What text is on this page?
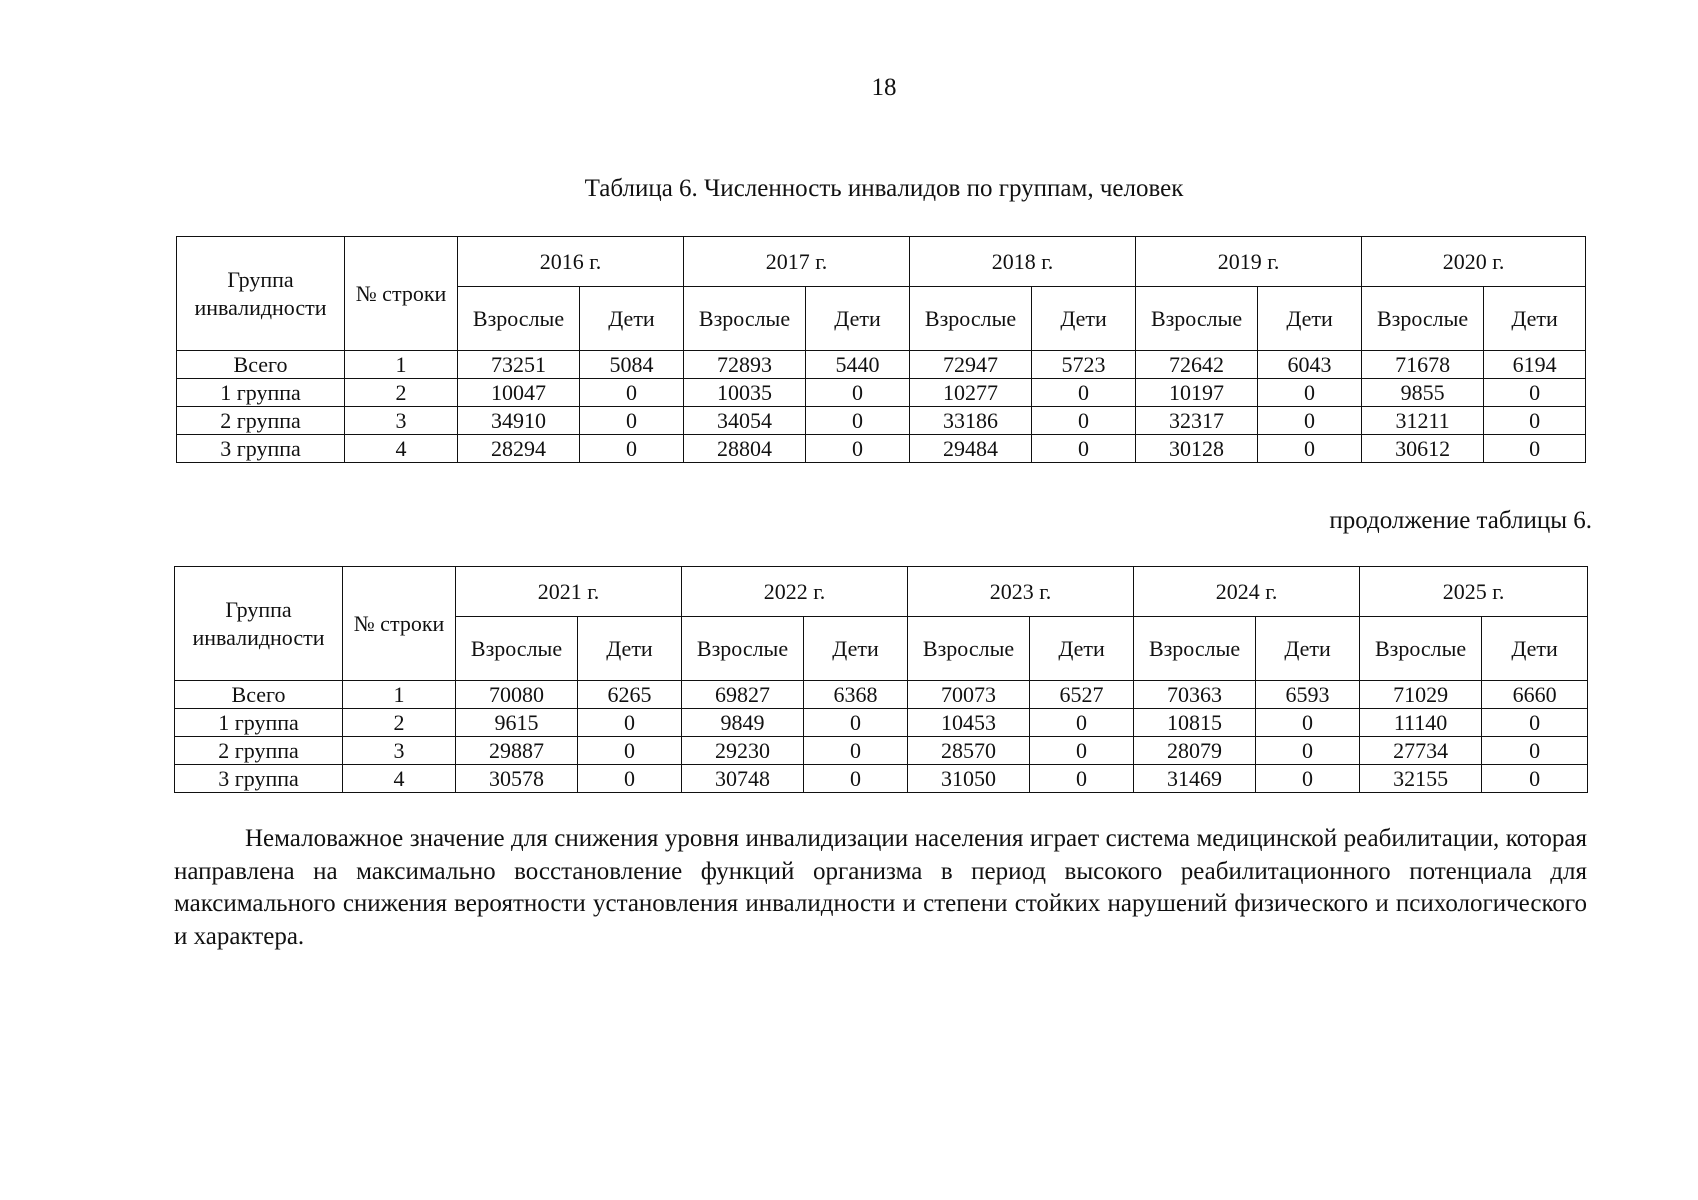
18
Таблица 6. Численность инвалидов по группам, человек
Группа инвалидности	№ строки	2016 г.		2017 г.		2018 г.		2019 г.		2020 г.	
		Взрослые	Дети	Взрослые	Дети	Взрослые	Дети	Взрослые	Дети	Взрослые	Дети
Всего	1	73251	5084	72893	5440	72947	5723	72642	6043	71678	6194
1 группа	2	10047	0	10035	0	10277	0	10197	0	9855	0
2 группа	3	34910	0	34054	0	33186	0	32317	0	31211	0
3 группа	4	28294	0	28804	0	29484	0	30128	0	30612	0
продолжение таблицы 6.
Группа инвалидности	№ строки	2021 г.		2022 г.		2023 г.		2024 г.		2025 г.	
		Взрослые	Дети	Взрослые	Дети	Взрослые	Дети	Взрослые	Дети	Взрослые	Дети
Всего	1	70080	6265	69827	6368	70073	6527	70363	6593	71029	6660
1 группа	2	9615	0	9849	0	10453	0	10815	0	11140	0
2 группа	3	29887	0	29230	0	28570	0	28079	0	27734	0
3 группа	4	30578	0	30748	0	31050	0	31469	0	32155	0

Немаловажное значение для снижения уровня инвалидизации населения играет система медицинской реабилитации, которая направлена на максимально восстановление функций организма в период высокого реабилитационного потенциала для максимального снижения вероятности установления инвалидности и степени стойких нарушений физического и психологического и характера.
